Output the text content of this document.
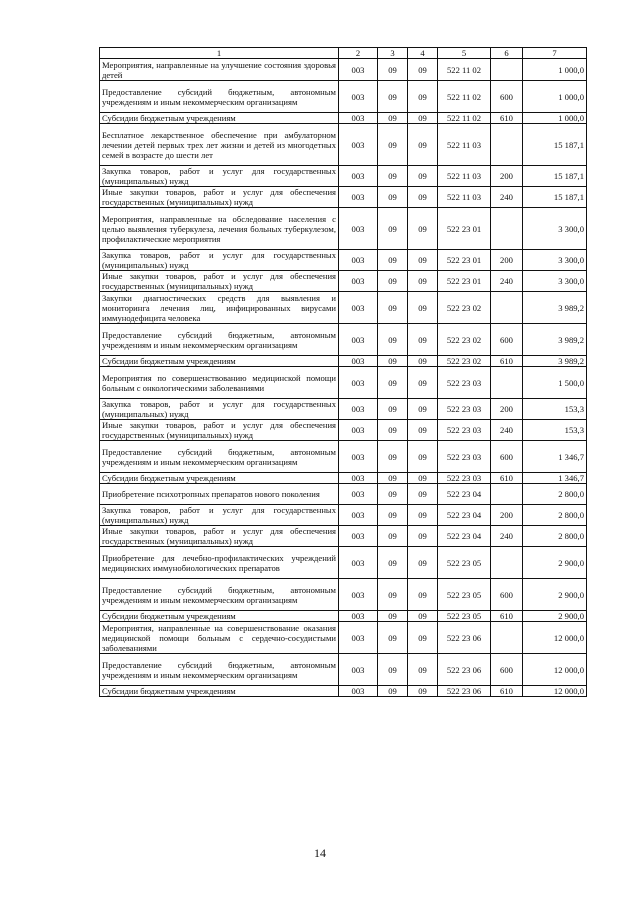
1	2	3	4	5	6	7
Мероприятия, направленные на улучшение состояния здоровья детей	003	09	09	522 11 02		1 000,0
Предоставление субсидий бюджетным, автономным учреждениям и иным некоммерческим организациям	003	09	09	522 11 02	600	1 000,0
Субсидии бюджетным учреждениям	003	09	09	522 11 02	610	1 000,0
Бесплатное лекарственное обеспечение при амбулаторном лечении детей первых трех лет жизни и детей из многодетных семей в возрасте до шести лет	003	09	09	522 11 03		15 187,1
Закупка товаров, работ и услуг для государственных (муниципальных) нужд	003	09	09	522 11 03	200	15 187,1
Иные закупки товаров, работ и услуг для обеспечения государственных (муниципальных) нужд	003	09	09	522 11 03	240	15 187,1
Мероприятия, направленные на обследование населения с целью выявления туберкулеза, лечения больных туберкулезом, профилактические мероприятия	003	09	09	522 23 01		3 300,0
Закупка товаров, работ и услуг для государственных (муниципальных) нужд	003	09	09	522 23 01	200	3 300,0
Иные закупки товаров, работ и услуг для обеспечения государственных (муниципальных) нужд	003	09	09	522 23 01	240	3 300,0
Закупки диагностических средств для выявления и мониторинга лечения лиц, инфицированных вирусами иммунодефицита человека	003	09	09	522 23 02		3 989,2
Предоставление субсидий бюджетным, автономным учреждениям и иным некоммерческим организациям	003	09	09	522 23 02	600	3 989,2
Субсидии бюджетным учреждениям	003	09	09	522 23 02	610	3 989,2
Мероприятия по совершенствованию медицинской помощи больным с онкологическими заболеваниями	003	09	09	522 23 03		1 500,0
Закупка товаров, работ и услуг для государственных (муниципальных) нужд	003	09	09	522 23 03	200	153,3
Иные закупки товаров, работ и услуг для обеспечения государственных (муниципальных) нужд	003	09	09	522 23 03	240	153,3
Предоставление субсидий бюджетным, автономным учреждениям и иным некоммерческим организациям	003	09	09	522 23 03	600	1 346,7
Субсидии бюджетным учреждениям	003	09	09	522 23 03	610	1 346,7
Приобретение психотропных препаратов нового поколения	003	09	09	522 23 04		2 800,0
Закупка товаров, работ и услуг для государственных (муниципальных) нужд	003	09	09	522 23 04	200	2 800,0
Иные закупки товаров, работ и услуг для обеспечения государственных (муниципальных) нужд	003	09	09	522 23 04	240	2 800,0
Приобретение для лечебно-профилактических учреждений медицинских иммунобиологических препаратов	003	09	09	522 23 05		2 900,0
Предоставление субсидий бюджетным, автономным учреждениям и иным некоммерческим организациям	003	09	09	522 23 05	600	2 900,0
Субсидии бюджетным учреждениям	003	09	09	522 23 05	610	2 900,0
Мероприятия, направленные на совершенствование оказания медицинской помощи больным с сердечно-сосудистыми заболеваниями	003	09	09	522 23 06		12 000,0
Предоставление субсидий бюджетным, автономным учреждениям и иным некоммерческим организациям	003	09	09	522 23 06	600	12 000,0
Субсидии бюджетным учреждениям	003	09	09	522 23 06	610	12 000,0
14
